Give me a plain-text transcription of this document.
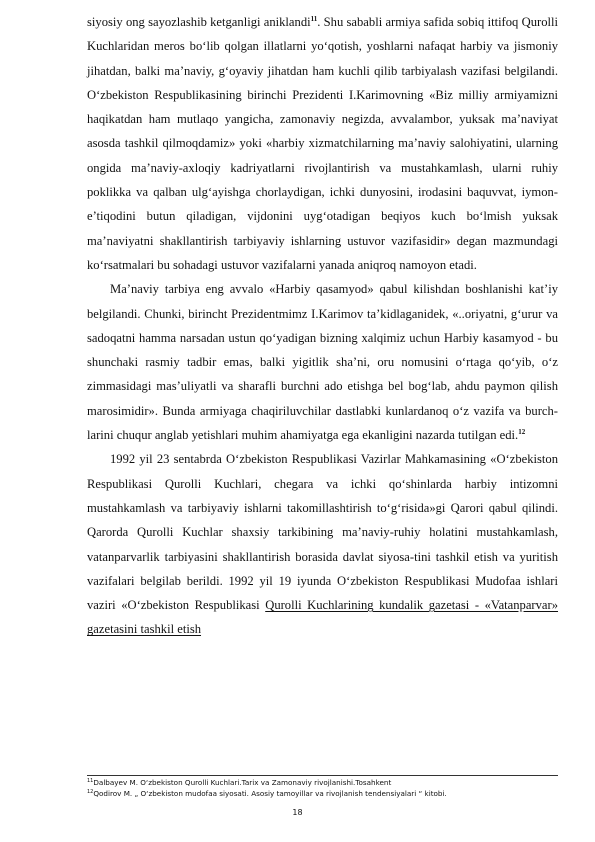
siyosiy ong sayozlashib ketganligi aniklandi$^{11}$. Shu sababli armiya safida sobiq ittifoq Qurolli Kuchlaridan meros bo‘lib qolgan illatlarni yo‘qotish, yoshlarni nafaqat harbiy va jismoniy jihatdan, balki ma’naviy, g‘oyaviy jihatdan ham kuchli qilib tarbiyalash vazifasi belgilandi. O‘zbekiston Respublikasining birinchi Prezidenti I.Karimovning «Biz milliy armiyamizni haqikatdan ham mutlaqo yangicha, zamonaviy negizda, avvalambor, yuksak ma’naviyat asosda tashkil qilmoqdamiz» yoki «harbiy xizmatchilarning ma’naviy salohiyatini, ularning ongida ma’naviy-axloqiy kadriyatlarni rivojlantirish va mustahkamlash, ularni ruhiy poklikka va qalban ulg‘ayishga chorlaydigan, ichki dunyosini, irodasini baquvvat, iymon-e’tiqodini butun qiladigan, vijdonini uyg‘otadigan beqiyos kuch bo‘lmish yuksak ma’naviyatni shakllantirish tarbiyaviy ishlarning ustuvor vazifasidir» degan mazmundagi ko‘rsatmalari bu sohadagi ustuvor vazifalarni yanada aniqroq namoyon etadi.

Ma’naviy tarbiya eng avvalo «Harbiy qasamyod» qabul kilishdan boshlanishi kat’iy belgilandi. Chunki, birincht Prezidentmimz I.Karimov ta’kidlaganidek, «..oriyatni, g‘urur va sadoqatni hamma narsadan ustun qo‘yadigan bizning xalqimiz uchun Harbiy kasamyod - bu shunchaki rasmiy tadbir emas, balki yigitlik sha’ni, oru nomusini o‘rtaga qo‘yib, o‘z zimmasidagi mas’uliyatli va sharafli burchni ado etishga bel bog‘lab, ahdu paymon qilish marosimidir». Bunda armiyaga chaqiriluvchilar dastlabki kunlardanoq o‘z vazifa va burch-larini chuqur anglab yetishlari muhim ahamiyatga ega ekanligini nazarda tutilgan edi.$^{12}$

1992 yil 23 sentabrda O‘zbekiston Respublikasi Vazirlar Mahkamasining «O‘zbekiston Respublikasi Qurolli Kuchlari, chegara va ichki qo‘shinlarda harbiy intizomni mustahkamlash va tarbiyaviy ishlarni takomillashtirish to‘g‘risida»gi Qarori qabul qilindi. Qarorda Qurolli Kuchlar shaxsiy tarkibining ma’naviy-ruhiy holatini mustahkamlash, vatanparvarlik tarbiyasini shakllantirish borasida davlat siyosa-tini tashkil etish va yuritish vazifalari belgilab berildi. 1992 yil 19 iyunda O‘zbekiston Respublikasi Mudofaa ishlari vaziri «O‘zbekiston Respublikasi Qurolli Kuchlarining kundalik gazetasi - «Vatanparvar» gazetasini tashkil etish

$^{11}$Dalbayev M. O‘zbekiston Qurolli Kuchlari.Tarix va Zamonaviy rivojlanishi.Tosahkent

$^{12}$Qodirov M. „ O‘zbekiston mudofaa siyosati. Asosiy tamoyillar va rivojlanish tendensiyalari “ kitobi.

18
